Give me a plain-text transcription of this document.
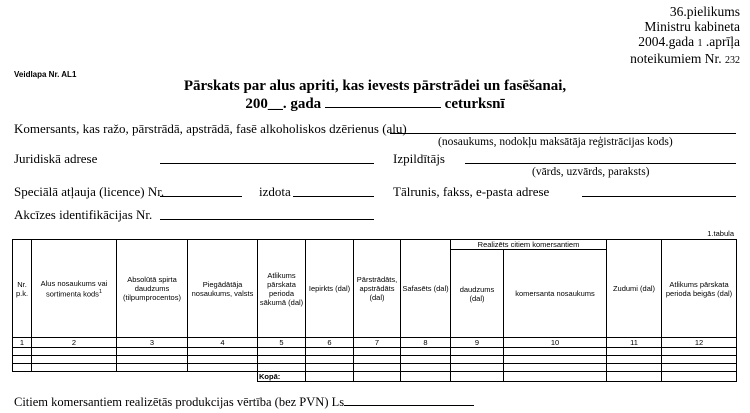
36.pielikums
Ministru kabineta
2004.gada 1 .aprīļa
noteikumiem Nr. 232
Veidlapa Nr. AL1
Pārskats par alus apriti, kas ievests pārstrādei un fasēšanai,
200__. gada	ceturksnī
Komersants, kas ražo, pārstrādā, apstrādā, fasē alkoholiskos dzērienus (alu)
(nosaukums, nodokļu maksātāja reģistrācijas kods)
Juridiskā adrese	Izpildītājs
(vārds, uzvārds, paraksts)
Speciālā atļauja (licence) Nr.	izdota	Tālrunis, fakss, e-pasta adrese
Akcīzes identifikācijas Nr.
1.tabula
Nr. p.k.	Alus nosaukums vai sortimenta kods$^1$	Absolūtā spirta daudzums (tilpumprocentos)	Piegādātāja nosaukums, valsts	Atlikums pārskata perioda sākumā (dal)	Iepirkts (dal)	Pārstrādāts, apstrādāts (dal)	Safasēts (dal)	Realizēts citiem komersantiem		Zudumi (dal)	Atlikums pārskata perioda beigās (dal)
								daudzums (dal)	komersanta nosaukums		
1	2	3	4	5	6	7	8	9	10	11	12

				Kopā:							
Citiem komersantiem realizētās produkcijas vērtība (bez PVN) Ls
